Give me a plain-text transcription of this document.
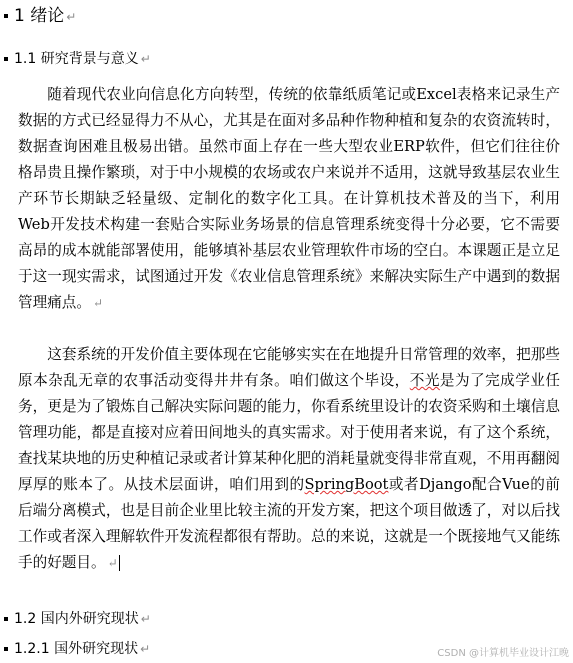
1 绪论 ↵
1.1 研究背景与意义 ↵

随着现代农业向信息化方向转型，传统的依靠纸质笔记或Excel表格来记录生产数据的方式已经显得力不从心，尤其是在面对多品种作物种植和复杂的农资流转时，数据查询困难且极易出错。虽然市面上存在一些大型农业ERP软件，但它们往往价格昂贵且操作繁琐，对于中小规模的农场或农户来说并不适用，这就导致基层农业生产环节长期缺乏轻量级、定制化的数字化工具。在计算机技术普及的当下，利用Web开发技术构建一套贴合实际业务场景的信息管理系统变得十分必要，它不需要高昂的成本就能部署使用，能够填补基层农业管理软件市场的空白。本课题正是立足于这一现实需求，试图通过开发《农业信息管理系统》来解决实际生产中遇到的数据管理痛点。 ↵

这套系统的开发价值主要体现在它能够实实在在地提升日常管理的效率，把那些原本杂乱无章的农事活动变得井井有条。咱们做这个毕设，不光是为了完成学业任务，更是为了锻炼自己解决实际问题的能力，你看系统里设计的农资采购和土壤信息管理功能，都是直接对应着田间地头的真实需求。对于使用者来说，有了这个系统，查找某块地的历史种植记录或者计算某种化肥的消耗量就变得非常直观，不用再翻阅厚厚的账本了。从技术层面讲，咱们用到的SpringBoot或者Django配合Vue的前后端分离模式，也是目前企业里比较主流的开发方案，把这个项目做透了，对以后找工作或者深入理解软件开发流程都很有帮助。总的来说，这就是一个既接地气又能练手的好题目。 ↵

1.2 国内外研究现状 ↵
1.2.1 国外研究现状 ↵	CSDN @计算机毕业设计江晚
